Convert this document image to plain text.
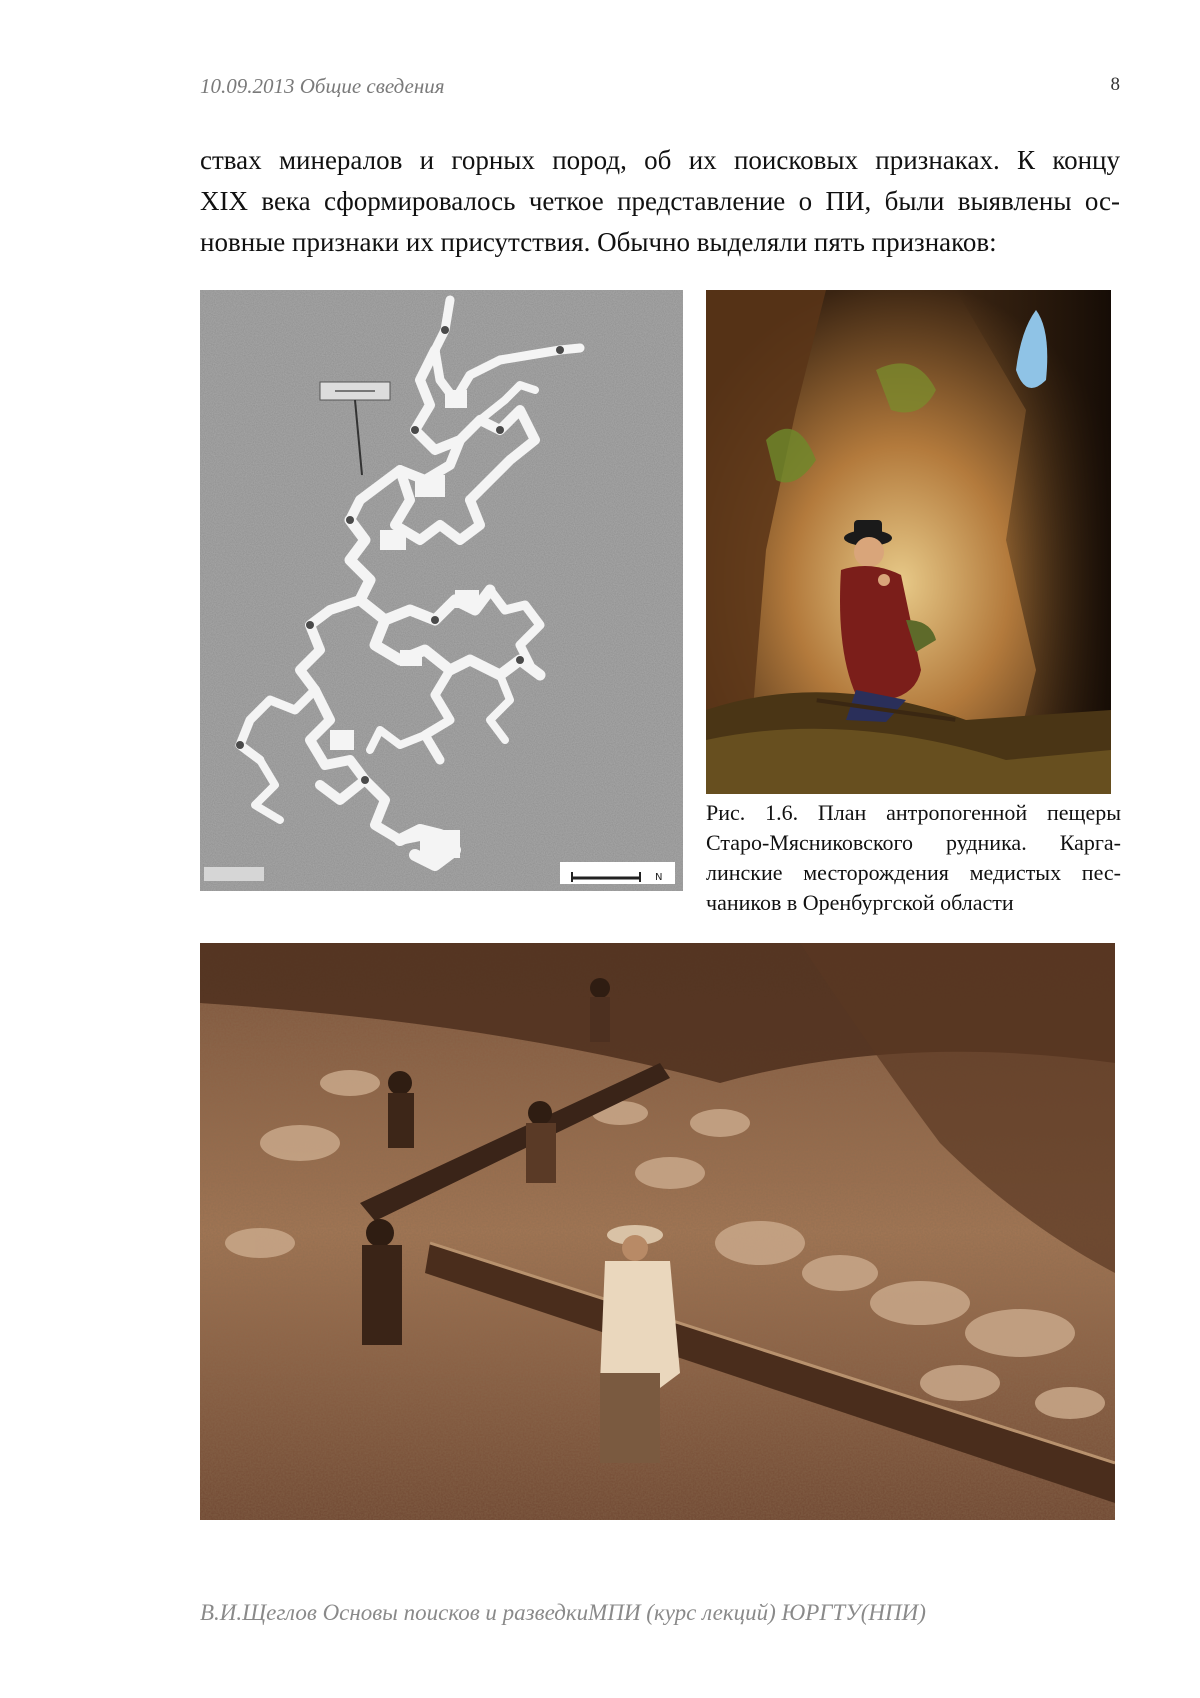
10.09.2013 Общие сведения	8
ствах минералов и горных пород, об их поисковых признаках. К концу
XIX века сформировалось четкое представление о ПИ, были выявлены ос-
новные признаки их присутствия. Обычно выделяли пять признаков:
N
Рис. 1.6. План антропогенной пещеры
Старо-Мясниковского рудника. Карга-
линские месторождения медистых пес-
чаников в Оренбургской области
В.И.Щеглов Основы поисков и разведкиМПИ (курс лекций) ЮРГТУ(НПИ)
